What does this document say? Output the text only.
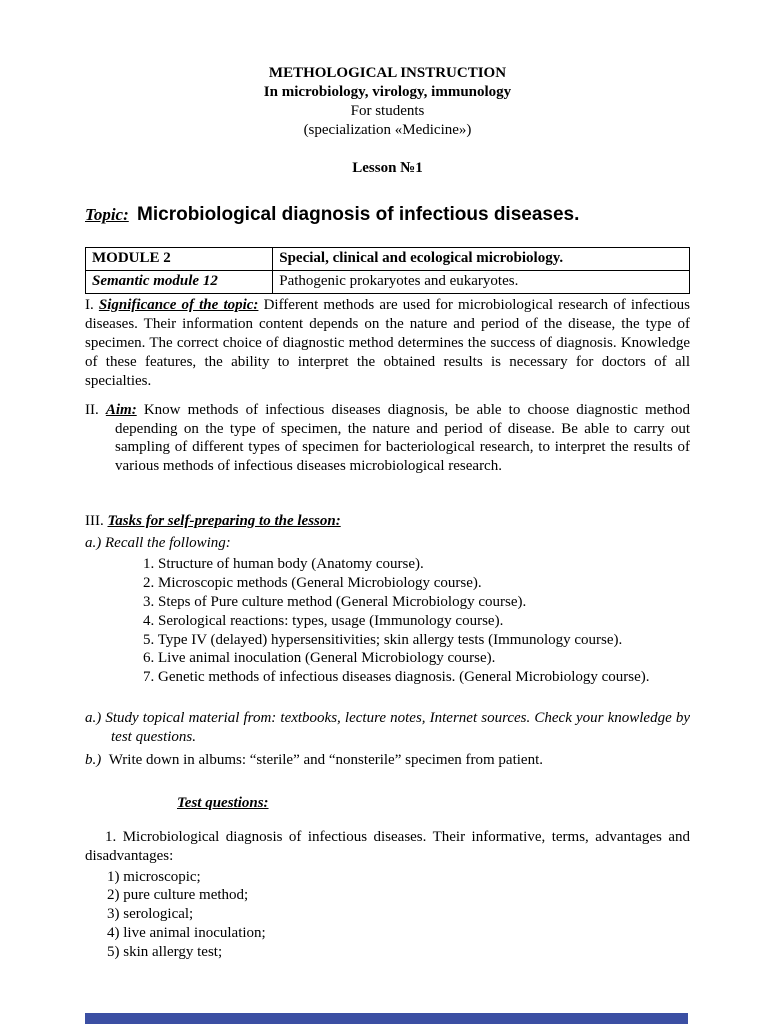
METHOLOGICAL INSTRUCTION
In microbiology, virology, immunology
For students
(specialization «Medicine»)
Lesson №1
Topic: Microbiological diagnosis of infectious diseases.
MODULE 2	Special, clinical and ecological microbiology.
Semantic module 12	Pathogenic prokaryotes and eukaryotes.
I. Significance of the topic: Different methods are used for microbiological research of infectious diseases. Their information content depends on the nature and period of the disease, the type of specimen. The correct choice of diagnostic method determines the success of diagnosis. Knowledge of these features, the ability to interpret the obtained results is necessary for doctors of all specialties.
II. Aim: Know methods of infectious diseases diagnosis, be able to choose diagnostic method depending on the type of specimen, the nature and period of disease. Be able to carry out sampling of different types of specimen for bacteriological research, to interpret the results of various methods of infectious diseases microbiological research.
III. Tasks for self-preparing to the lesson:
a.) Recall the following:
1. Structure of human body (Anatomy course).
2. Microscopic methods (General Microbiology course).
3. Steps of Pure culture method (General Microbiology course).
4. Serological reactions: types, usage (Immunology course).
5. Type IV (delayed) hypersensitivities; skin allergy tests (Immunology course).
6. Live animal inoculation (General Microbiology course).
7. Genetic methods of infectious diseases diagnosis. (General Microbiology course).
a.) Study topical material from: textbooks, lecture notes, Internet sources. Check your knowledge by test questions.
b.) Write down in albums: “sterile” and “nonsterile” specimen from patient.
Test questions:
1. Microbiological diagnosis of infectious diseases. Their informative, terms, advantages and disadvantages:
1) microscopic;
2) pure culture method;
3) serological;
4) live animal inoculation;
5) skin allergy test;
